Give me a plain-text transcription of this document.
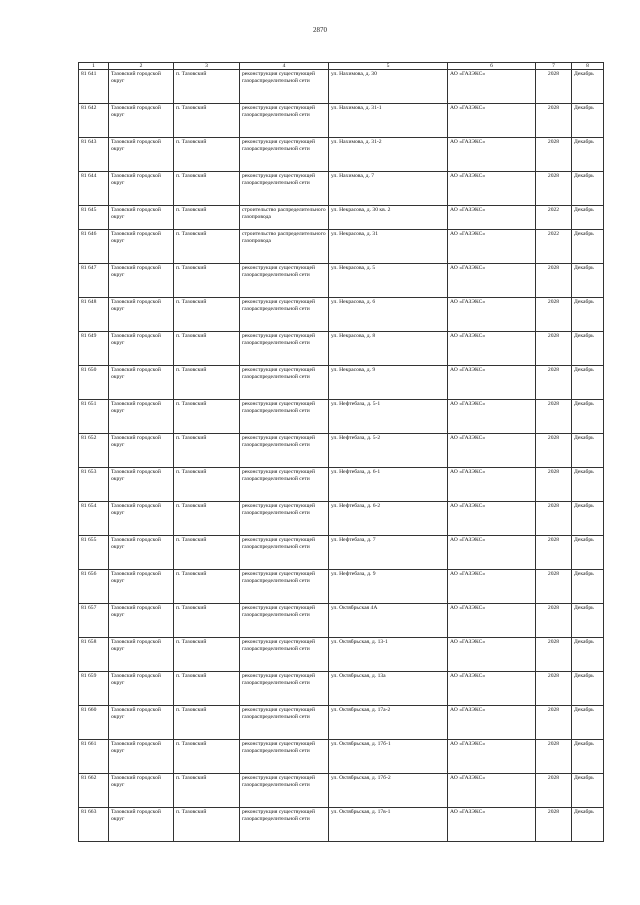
2870
1	2	3	4	5	6	7	8
81 641	Тазовский городской округ	п. Тазовский	реконструкция существующей газораспределительной сети	ул. Нахимова, д. 30	АО «ГАЗЭКС»	2028	Декабрь
81 642	Тазовский городской округ	п. Тазовский	реконструкция существующей газораспределительной сети	ул. Нахимова, д. 31-1	АО «ГАЗЭКС»	2028	Декабрь
81 643	Тазовский городской округ	п. Тазовский	реконструкция существующей газораспределительной сети	ул. Нахимова, д. 31-2	АО «ГАЗЭКС»	2028	Декабрь
81 644	Тазовский городской округ	п. Тазовский	реконструкция существующей газораспределительной сети	ул. Нахимова, д. 7	АО «ГАЗЭКС»	2028	Декабрь
81 645	Тазовский городской округ	п. Тазовский	строительство распределительного газопровода	ул. Некрасова, д. 30 кв. 2	АО «ГАЗЭКС»	2022	Декабрь
81 646	Тазовский городской округ	п. Тазовский	строительство распределительного газопровода	ул. Некрасова, д. 31	АО «ГАЗЭКС»	2022	Декабрь
81 647	Тазовский городской округ	п. Тазовский	реконструкция существующей газораспределительной сети	ул. Некрасова, д. 5	АО «ГАЗЭКС»	2028	Декабрь
81 648	Тазовский городской округ	п. Тазовский	реконструкция существующей газораспределительной сети	ул. Некрасова, д. 6	АО «ГАЗЭКС»	2028	Декабрь
81 649	Тазовский городской округ	п. Тазовский	реконструкция существующей газораспределительной сети	ул. Некрасова, д. 8	АО «ГАЗЭКС»	2028	Декабрь
81 650	Тазовский городской округ	п. Тазовский	реконструкция существующей газораспределительной сети	ул. Некрасова, д. 9	АО «ГАЗЭКС»	2028	Декабрь
81 651	Тазовский городской округ	п. Тазовский	реконструкция существующей газораспределительной сети	ул. Нефтебаза, д. 5-1	АО «ГАЗЭКС»	2028	Декабрь
81 652	Тазовский городской округ	п. Тазовский	реконструкция существующей газораспределительной сети	ул. Нефтебаза, д. 5-2	АО «ГАЗЭКС»	2028	Декабрь
81 653	Тазовский городской округ	п. Тазовский	реконструкция существующей газораспределительной сети	ул. Нефтебаза, д. 6-1	АО «ГАЗЭКС»	2028	Декабрь
81 654	Тазовский городской округ	п. Тазовский	реконструкция существующей газораспределительной сети	ул. Нефтебаза, д. 6-2	АО «ГАЗЭКС»	2028	Декабрь
81 655	Тазовский городской округ	п. Тазовский	реконструкция существующей газораспределительной сети	ул. Нефтебаза, д. 7	АО «ГАЗЭКС»	2028	Декабрь
81 656	Тазовский городской округ	п. Тазовский	реконструкция существующей газораспределительной сети	ул. Нефтебаза, д. 9	АО «ГАЗЭКС»	2028	Декабрь
81 657	Тазовский городской округ	п. Тазовский	реконструкция существующей газораспределительной сети	ул. Октябрьская 4А	АО «ГАЗЭКС»	2028	Декабрь
81 658	Тазовский городской округ	п. Тазовский	реконструкция существующей газораспределительной сети	ул. Октябрьская, д. 13-1	АО «ГАЗЭКС»	2028	Декабрь
81 659	Тазовский городской округ	п. Тазовский	реконструкция существующей газораспределительной сети	ул. Октябрьская, д. 13а	АО «ГАЗЭКС»	2028	Декабрь
81 660	Тазовский городской округ	п. Тазовский	реконструкция существующей газораспределительной сети	ул. Октябрьская, д. 17а-2	АО «ГАЗЭКС»	2028	Декабрь
81 661	Тазовский городской округ	п. Тазовский	реконструкция существующей газораспределительной сети	ул. Октябрьская, д. 17б-1	АО «ГАЗЭКС»	2028	Декабрь
81 662	Тазовский городской округ	п. Тазовский	реконструкция существующей газораспределительной сети	ул. Октябрьская, д. 17б-2	АО «ГАЗЭКС»	2028	Декабрь
81 663	Тазовский городской округ	п. Тазовский	реконструкция существующей газораспределительной сети	ул. Октябрьская, д. 17в-1	АО «ГАЗЭКС»	2028	Декабрь
